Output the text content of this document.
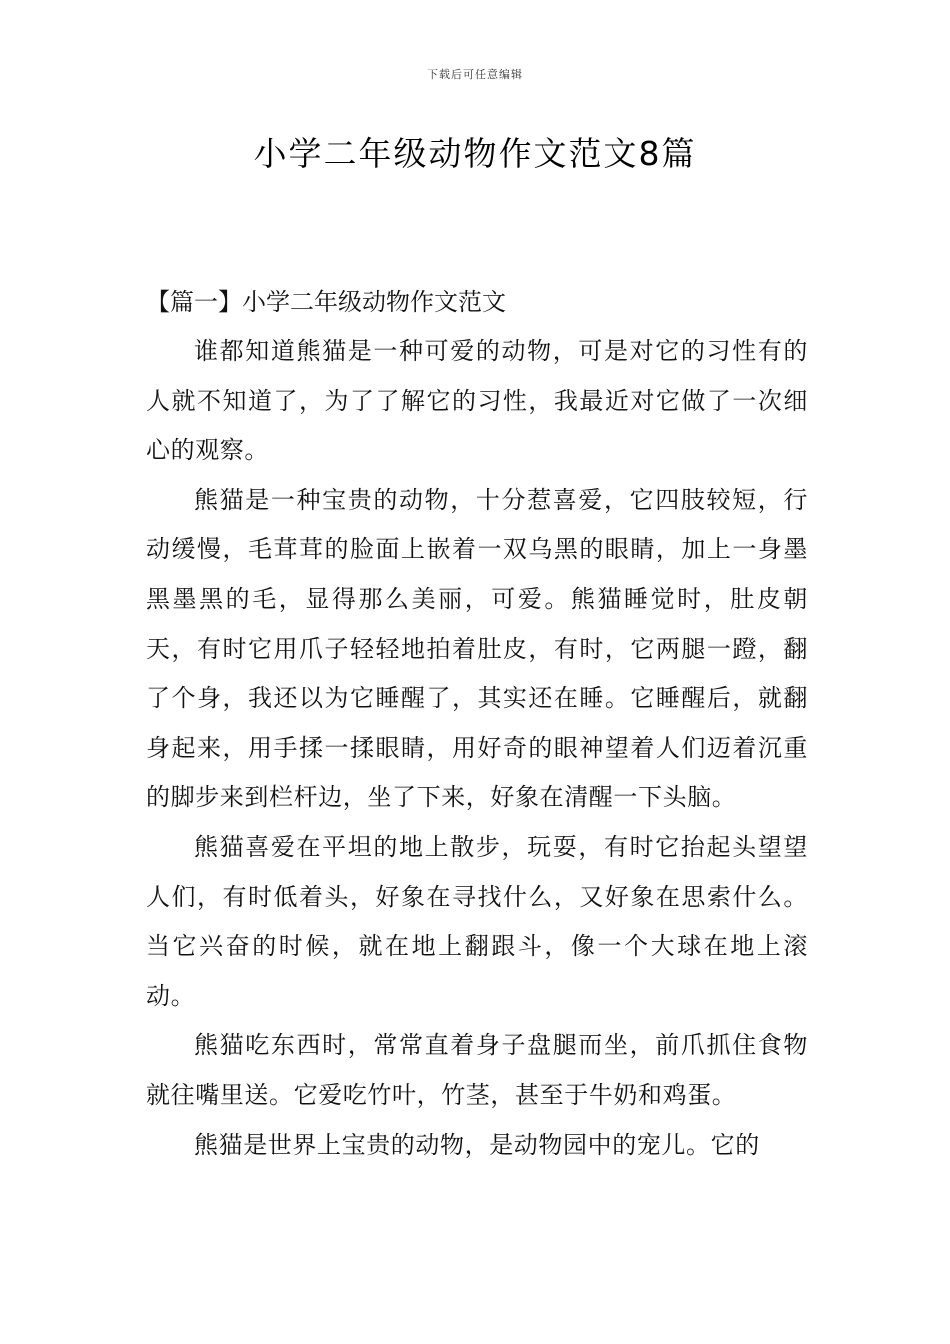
下载后可任意编辑
小学二年级动物作文范文8篇

【篇一】小学二年级动物作文范文

谁都知道熊猫是一种可爱的动物，可是对它的习性有的人就不知道了，为了了解它的习性，我最近对它做了一次细心的观察。

熊猫是一种宝贵的动物，十分惹喜爱，它四肢较短，行动缓慢，毛茸茸的脸面上嵌着一双乌黑的眼睛，加上一身墨黑墨黑的毛，显得那么美丽，可爱。熊猫睡觉时，肚皮朝天，有时它用爪子轻轻地拍着肚皮，有时，它两腿一蹬，翻了个身，我还以为它睡醒了，其实还在睡。它睡醒后，就翻身起来，用手揉一揉眼睛，用好奇的眼神望着人们迈着沉重的脚步来到栏杆边，坐了下来，好象在清醒一下头脑。

熊猫喜爱在平坦的地上散步，玩耍，有时它抬起头望望人们，有时低着头，好象在寻找什么，又好象在思索什么。当它兴奋的时候，就在地上翻跟斗，像一个大球在地上滚动。

熊猫吃东西时，常常直着身子盘腿而坐，前爪抓住食物就往嘴里送。它爱吃竹叶，竹茎，甚至于牛奶和鸡蛋。

熊猫是世界上宝贵的动物，是动物园中的宠儿。它的
